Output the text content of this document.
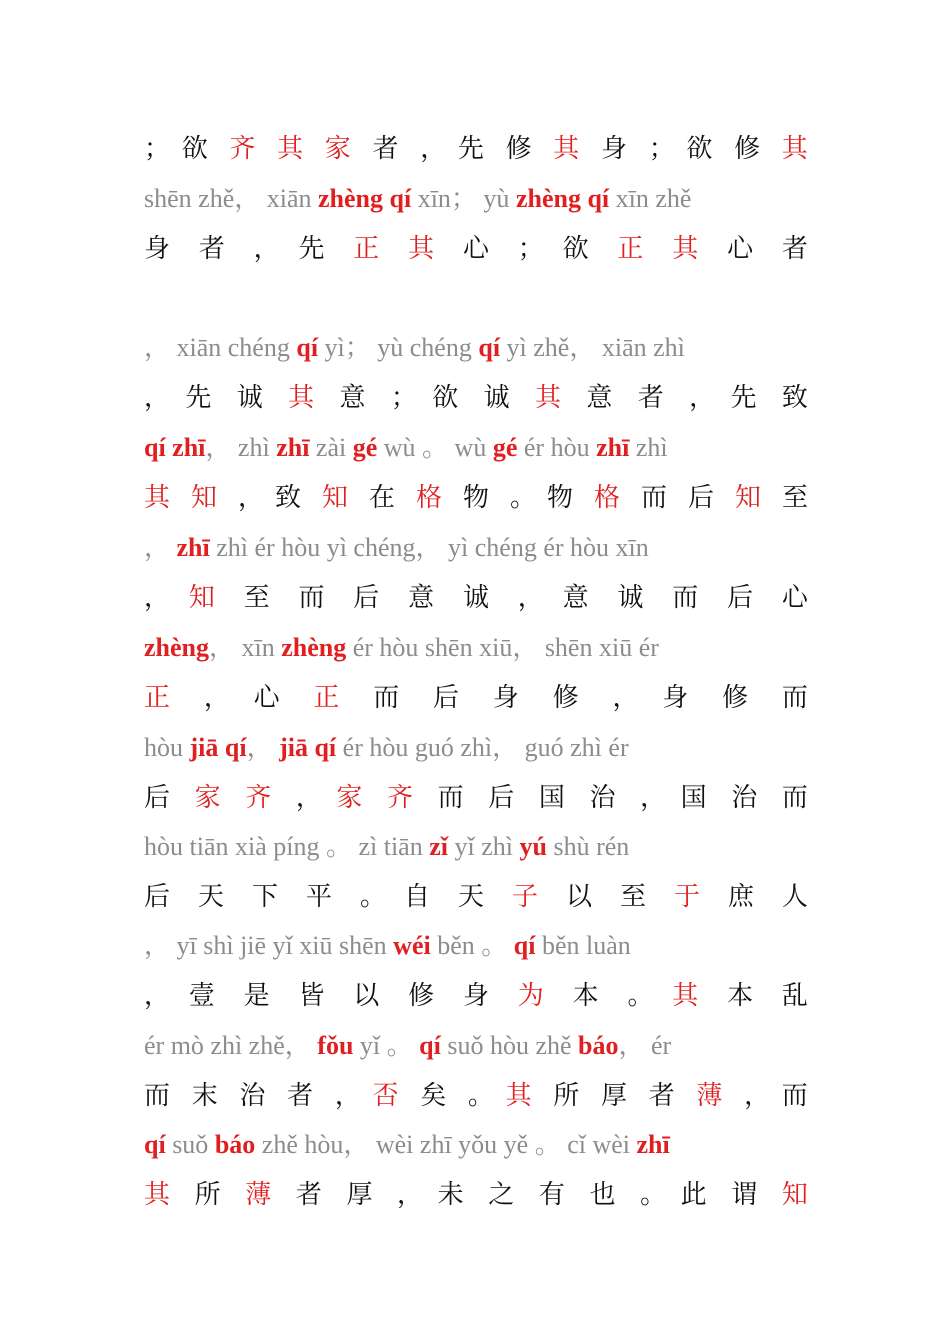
； 欲 齐 其 家 者 ， 先 修 其 身 ； 欲 修 其
shēn zhě， xiān zhèng qí xīn； yù zhèng qí xīn zhě
身 者 ， 先 正 其 心 ； 欲 正 其 心 者
， xiān chéng qí yì； yù chéng qí yì zhě， xiān zhì
， 先 诚 其 意 ； 欲 诚 其 意 者 ， 先 致
qí zhī， zhì zhī zài gé wù 。 wù gé ér hòu zhī zhì
其 知 ， 致 知 在 格 物 。 物 格 而 后 知 至
， zhī zhì ér hòu yì chéng， yì chéng ér hòu xīn
， 知 至 而 后 意 诚 ， 意 诚 而 后 心
zhèng， xīn zhèng ér hòu shēn xiū， shēn xiū ér
正 ， 心 正 而 后 身 修 ， 身 修 而
hòu jiā qí， jiā qí ér hòu guó zhì， guó zhì ér
后 家 齐 ， 家 齐 而 后 国 治 ， 国 治 而
hòu tiān xià píng 。 zì tiān zǐ yǐ zhì yú shù rén
后 天 下 平 。 自 天 子 以 至 于 庶 人
， yī shì jiē yǐ xiū shēn wéi běn 。 qí běn luàn
， 壹 是 皆 以 修 身 为 本 。 其 本 乱
ér mò zhì zhě， fǒu yǐ 。 qí suǒ hòu zhě báo， ér
而 末 治 者 ， 否 矣 。 其 所 厚 者 薄 ， 而
qí suǒ báo zhě hòu， wèi zhī yǒu yě 。 cǐ wèi zhī
其 所 薄 者 厚 ， 未 之 有 也 。 此 谓 知
